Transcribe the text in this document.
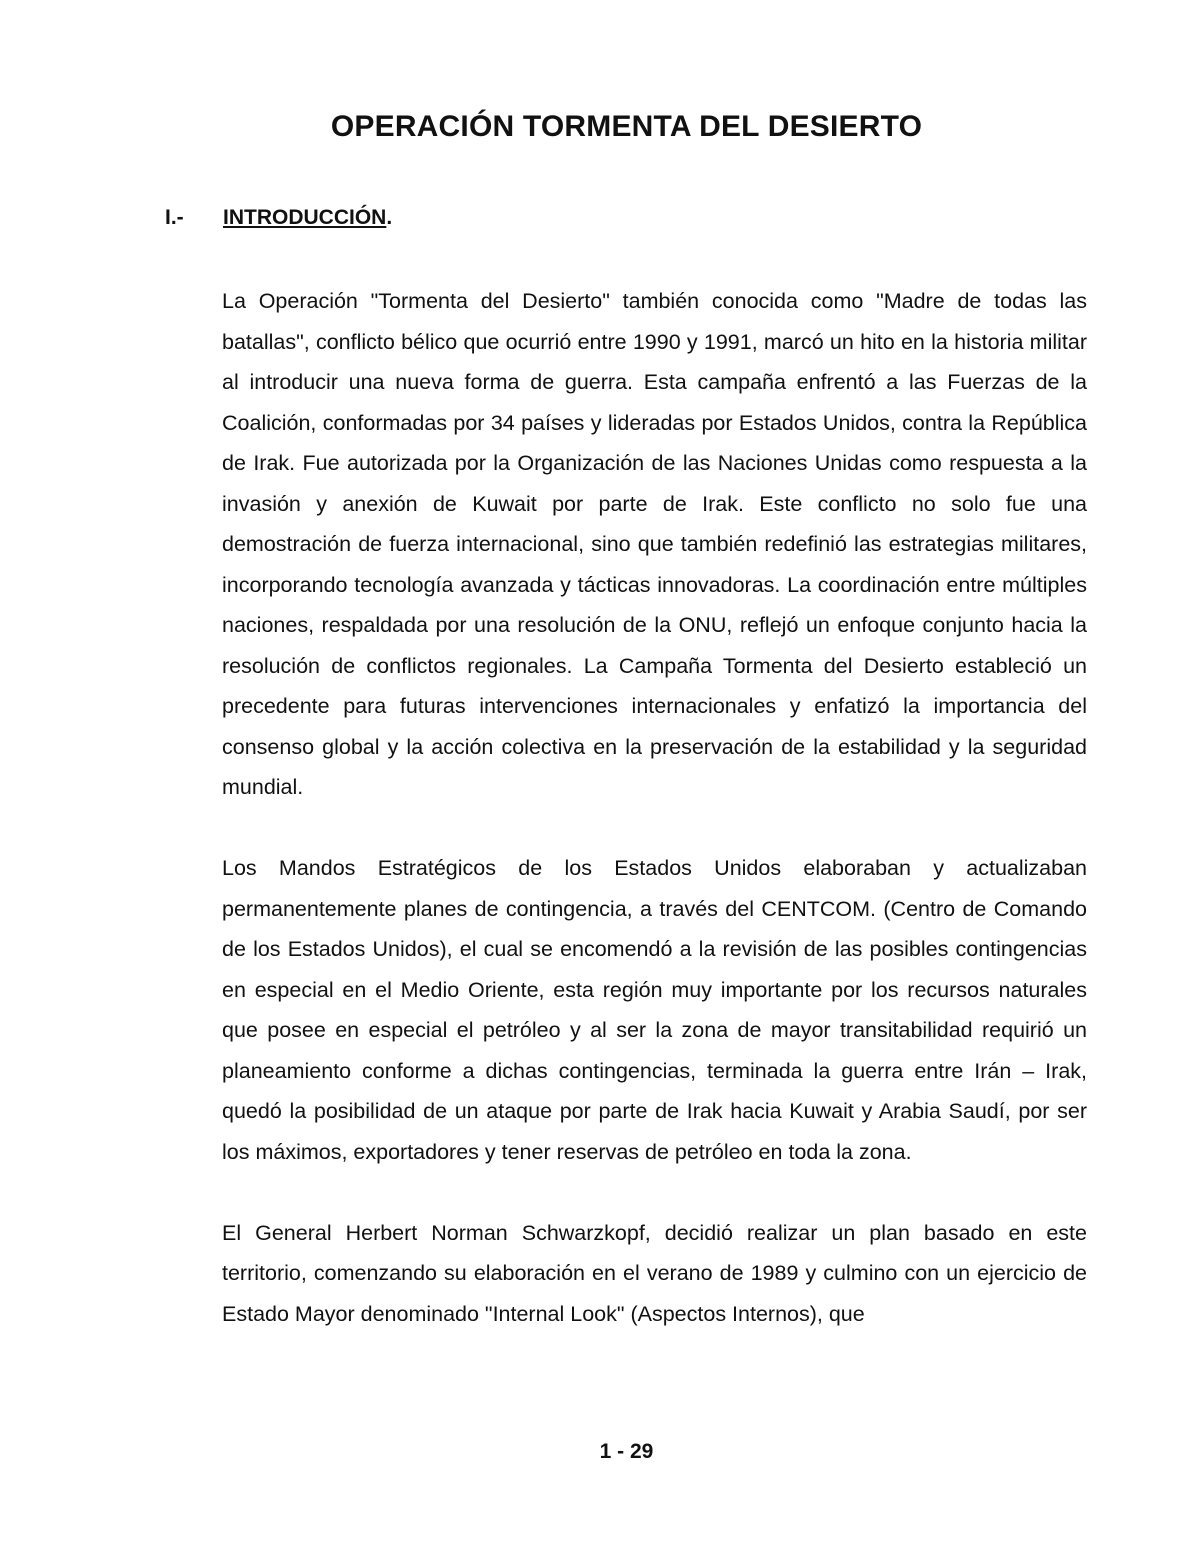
OPERACIÓN TORMENTA DEL DESIERTO
I.-	INTRODUCCIÓN.

La Operación "Tormenta del Desierto" también conocida como "Madre de todas las batallas", conflicto bélico que ocurrió entre 1990 y 1991, marcó un hito en la historia militar al introducir una nueva forma de guerra. Esta campaña enfrentó a las Fuerzas de la Coalición, conformadas por 34 países y lideradas por Estados Unidos, contra la República de Irak. Fue autorizada por la Organización de las Naciones Unidas como respuesta a la invasión y anexión de Kuwait por parte de Irak. Este conflicto no solo fue una demostración de fuerza internacional, sino que también redefinió las estrategias militares, incorporando tecnología avanzada y tácticas innovadoras. La coordinación entre múltiples naciones, respaldada por una resolución de la ONU, reflejó un enfoque conjunto hacia la resolución de conflictos regionales. La Campaña Tormenta del Desierto estableció un precedente para futuras intervenciones internacionales y enfatizó la importancia del consenso global y la acción colectiva en la preservación de la estabilidad y la seguridad mundial.

Los Mandos Estratégicos de los Estados Unidos elaboraban y actualizaban permanentemente planes de contingencia, a través del CENTCOM. (Centro de Comando de los Estados Unidos), el cual se encomendó a la revisión de las posibles contingencias en especial en el Medio Oriente, esta región muy importante por los recursos naturales que posee en especial el petróleo y al ser la zona de mayor transitabilidad requirió un planeamiento conforme a dichas contingencias, terminada la guerra entre Irán – Irak, quedó la posibilidad de un ataque por parte de Irak hacia Kuwait y Arabia Saudí, por ser los máximos, exportadores y tener reservas de petróleo en toda la zona.

El General Herbert Norman Schwarzkopf, decidió realizar un plan basado en este territorio, comenzando su elaboración en el verano de 1989 y culmino con un ejercicio de Estado Mayor denominado "Internal Look" (Aspectos Internos), que

1 - 29
